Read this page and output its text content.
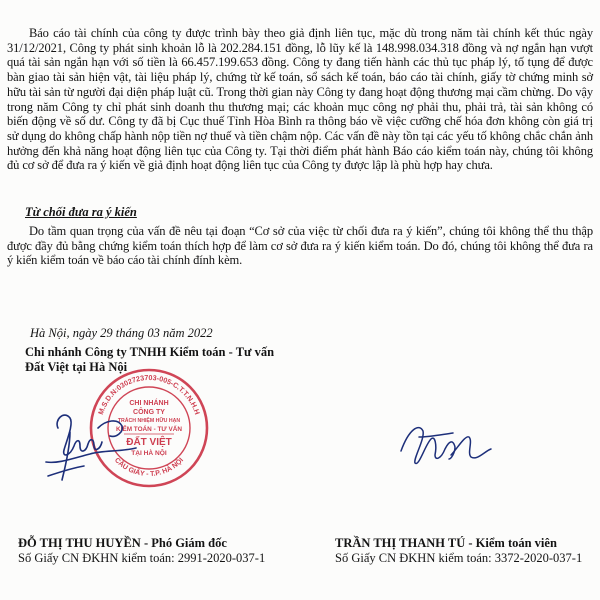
Báo cáo tài chính của công ty được trình bày theo giả định liên tục, mặc dù trong năm tài chính kết thúc ngày 31/12/2021, Công ty phát sinh khoản lỗ là 202.284.151 đồng, lỗ lũy kế là 148.998.034.318 đồng và nợ ngắn hạn vượt quá tài sản ngắn hạn với số tiền là 66.457.199.653 đồng. Công ty đang tiến hành các thủ tục pháp lý, tố tụng để được bàn giao tài sản hiện vật, tài liệu pháp lý, chứng từ kế toán, sổ sách kế toán, báo cáo tài chính, giấy tờ chứng minh sở hữu tài sản từ người đại diện pháp luật cũ. Trong thời gian này Công ty đang hoạt động thương mại cầm chừng. Do vậy trong năm Công ty chỉ phát sinh doanh thu thương mại; các khoản mục công nợ phải thu, phải trả, tài sản không có biến động về số dư. Công ty đã bị Cục thuế Tỉnh Hòa Bình ra thông báo về việc cưỡng chế hóa đơn không còn giá trị sử dụng do không chấp hành nộp tiền nợ thuế và tiền chậm nộp. Các vấn đề này tồn tại các yếu tố không chắc chắn ảnh hưởng đến khả năng hoạt động liên tục của Công ty. Tại thời điểm phát hành Báo cáo kiểm toán này, chúng tôi không đủ cơ sở để đưa ra ý kiến về giả định hoạt động liên tục của Công ty được lập là phù hợp hay chưa.
Từ chối đưa ra ý kiến
Do tầm quan trọng của vấn đề nêu tại đoạn “Cơ sở của việc từ chối đưa ra ý kiến”, chúng tôi không thể thu thập được đầy đủ bằng chứng kiểm toán thích hợp để làm cơ sở đưa ra ý kiến kiểm toán. Do đó, chúng tôi không thể đưa ra ý kiến kiểm toán về báo cáo tài chính đính kèm.
Hà Nội, ngày 29 tháng 03 năm 2022
Chi nhánh Công ty TNHH Kiểm toán - Tư vấn
Đất Việt tại Hà Nội
M.S.D.N:0302723703-005-C.T.T.N.H.H
CẦU GIẤY - T.P. HÀ NỘI
CHI NHÁNH
CÔNG TY
TRÁCH NHIỆM HỮU HẠN
KIỂM TOÁN - TƯ VẤN
ĐẤT VIỆT
TẠI HÀ NỘI
ĐỖ THỊ THU HUYỀN - Phó Giám đốc
Số Giấy CN ĐKHN kiểm toán: 2991-2020-037-1
TRẦN THỊ THANH TÚ - Kiểm toán viên
Số Giấy CN ĐKHN kiểm toán: 3372-2020-037-1
